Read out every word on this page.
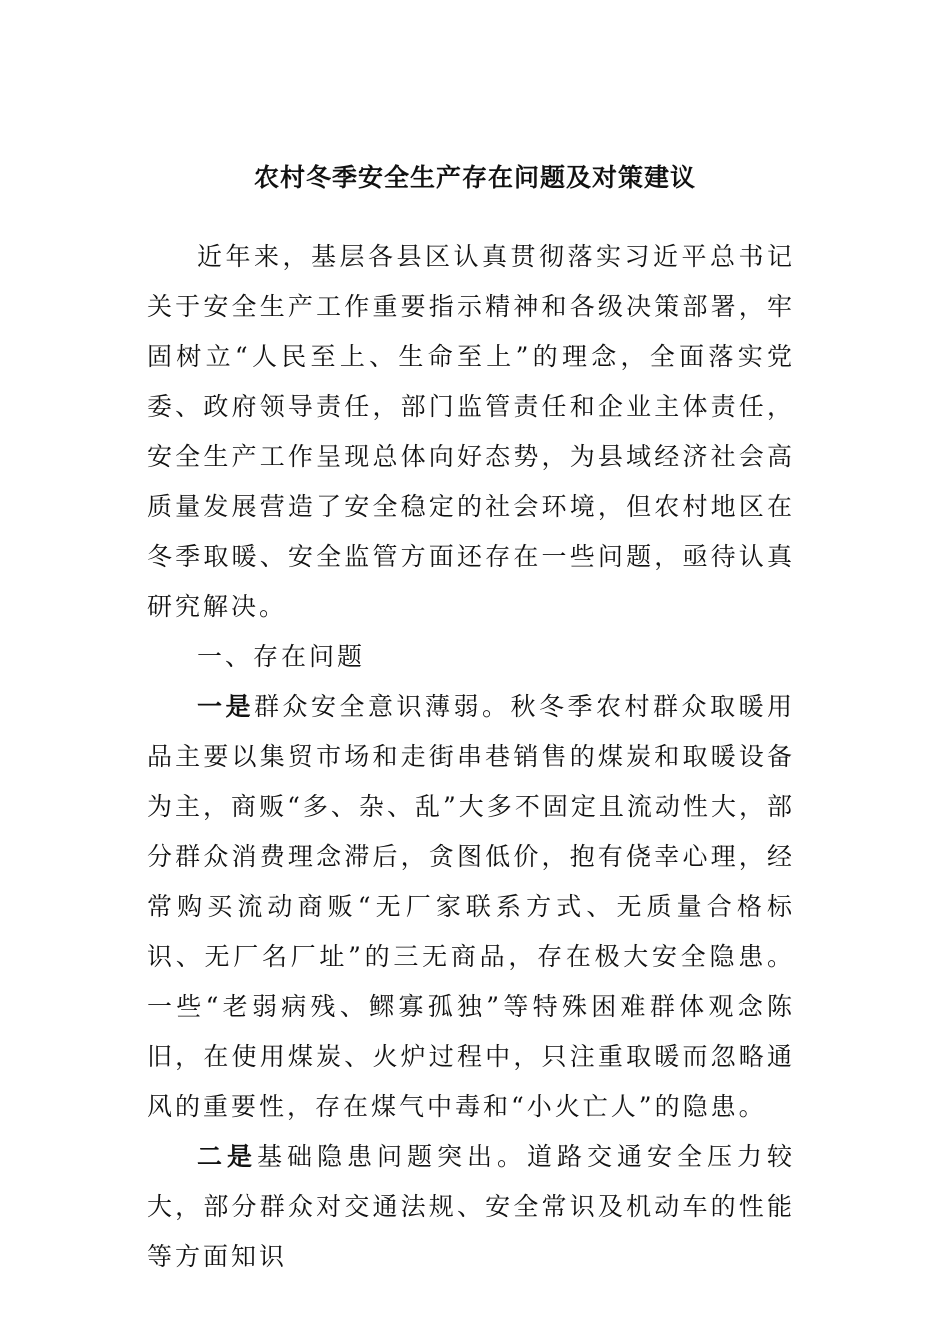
农村冬季安全生产存在问题及对策建议

近年来，基层各县区认真贯彻落实习近平总书记关于安全生产工作重要指示精神和各级决策部署，牢固树立“人民至上、生命至上”的理念，全面落实党委、政府领导责任，部门监管责任和企业主体责任，安全生产工作呈现总体向好态势，为县域经济社会高质量发展营造了安全稳定的社会环境，但农村地区在冬季取暖、安全监管方面还存在一些问题，亟待认真研究解决。

一、存在问题

一是群众安全意识薄弱。秋冬季农村群众取暖用品主要以集贸市场和走街串巷销售的煤炭和取暖设备为主，商贩“多、杂、乱”大多不固定且流动性大，部分群众消费理念滞后，贪图低价，抱有侥幸心理，经常购买流动商贩“无厂家联系方式、无质量合格标识、无厂名厂址”的三无商品，存在极大安全隐患。一些“老弱病残、鳏寡孤独”等特殊困难群体观念陈旧，在使用煤炭、火炉过程中，只注重取暖而忽略通风的重要性，存在煤气中毒和“小火亡人”的隐患。

二是基础隐患问题突出。道路交通安全压力较大，部分群众对交通法规、安全常识及机动车的性能等方面知识
